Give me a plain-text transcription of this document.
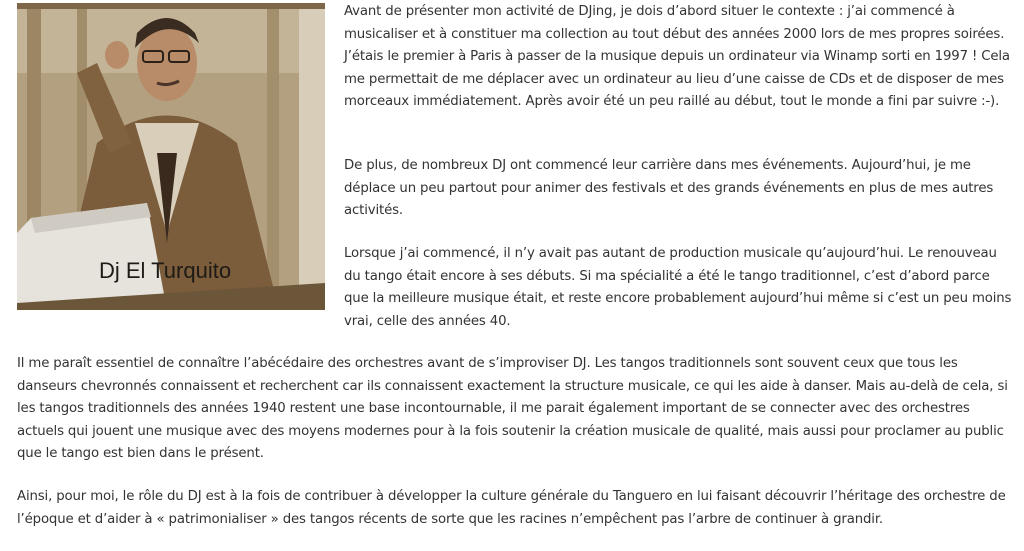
Dj El Turquito

Avant de présenter mon activité de DJing, je dois d’abord situer le contexte : j’ai commencé à musicaliser et à constituer ma collection au tout début des années 2000 lors de mes propres soirées. J’étais le premier à Paris à passer de la musique depuis un ordinateur via Winamp sorti en 1997 ! Cela me permettait de me déplacer avec un ordinateur au lieu d’une caisse de CDs et de disposer de mes morceaux immédiatement. Après avoir été un peu raillé au début, tout le monde a fini par suivre :-).

De plus, de nombreux DJ ont commencé leur carrière dans mes événements. Aujourd’hui, je me déplace un peu partout pour animer des festivals et des grands événements en plus de mes autres activités.

Lorsque j’ai commencé, il n’y avait pas autant de production musicale qu’aujourd’hui. Le renouveau du tango était encore à ses débuts. Si ma spécialité a été le tango traditionnel, c’est d’abord parce que la meilleure musique était, et reste encore probablement aujourd’hui même si c’est un peu moins vrai, celle des années 40.

Il me paraît essentiel de connaître l’abécédaire des orchestres avant de s’improviser DJ. Les tangos traditionnels sont souvent ceux que tous les danseurs chevronnés connaissent et recherchent car ils connaissent exactement la structure musicale, ce qui les aide à danser. Mais au-delà de cela, si les tangos traditionnels des années 1940 restent une base incontournable, il me parait également important de se connecter avec des orchestres actuels qui jouent une musique avec des moyens modernes pour à la fois soutenir la création musicale de qualité, mais aussi pour proclamer au public que le tango est bien dans le présent.

Ainsi, pour moi, le rôle du DJ est à la fois de contribuer à développer la culture générale du Tanguero en lui faisant découvrir l’héritage des orchestre de l’époque et d’aider à « patrimonialiser » des tangos récents de sorte que les racines n’empêchent pas l’arbre de continuer à grandir.
